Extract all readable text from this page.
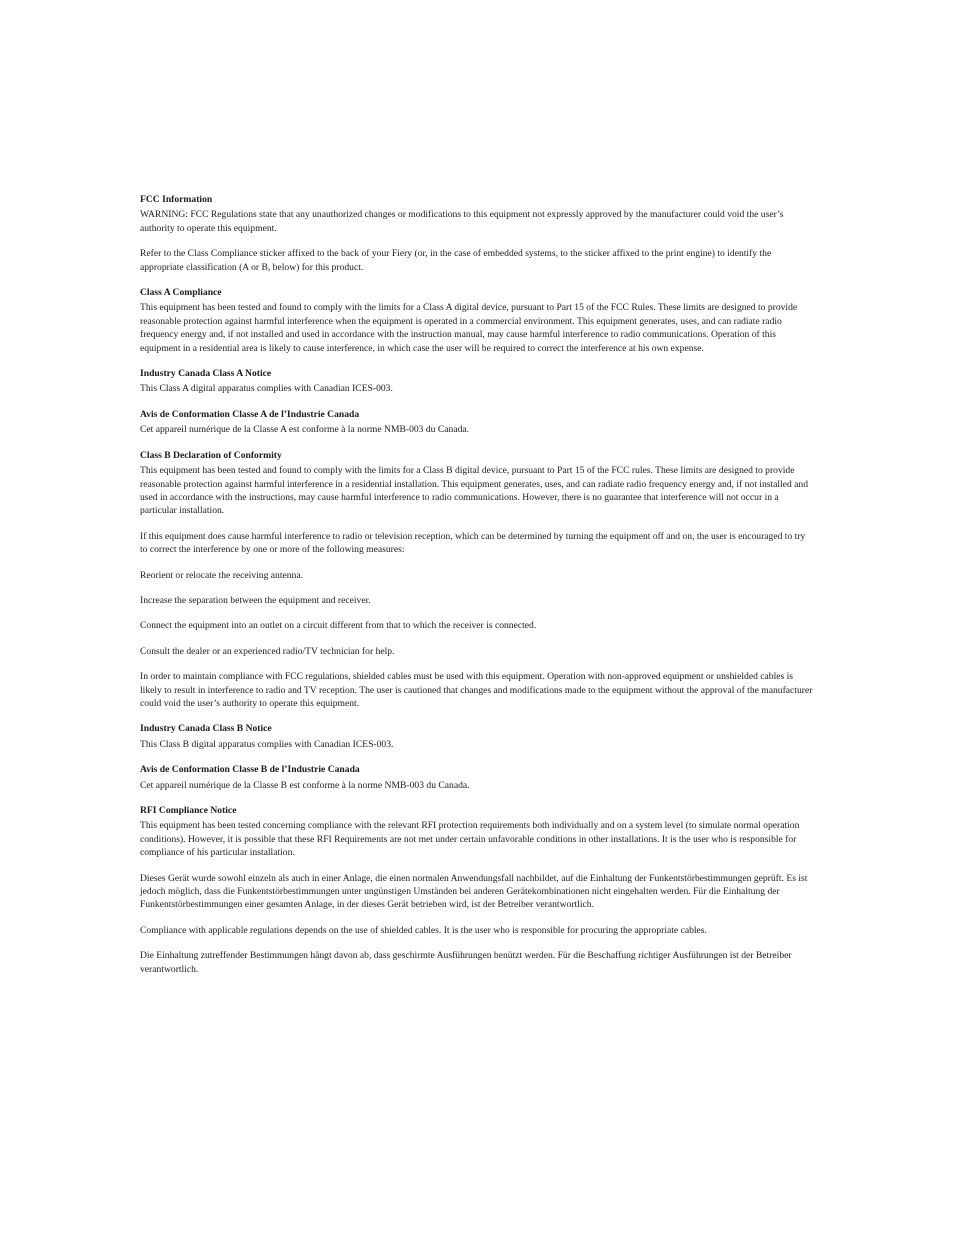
FCC Information

WARNING: FCC Regulations state that any unauthorized changes or modifications to this equipment not expressly approved by the manufacturer could void the user’s authority to operate this equipment.

Refer to the Class Compliance sticker affixed to the back of your Fiery (or, in the case of embedded systems, to the sticker affixed to the print engine) to identify the appropriate classification (A or B, below) for this product.

Class A Compliance

This equipment has been tested and found to comply with the limits for a Class A digital device, pursuant to Part 15 of the FCC Rules. These limits are designed to provide reasonable protection against harmful interference when the equipment is operated in a commercial environment. This equipment generates, uses, and can radiate radio frequency energy and, if not installed and used in accordance with the instruction manual, may cause harmful interference to radio communications. Operation of this equipment in a residential area is likely to cause interference, in which case the user will be required to correct the interference at his own expense.

Industry Canada Class A Notice

This Class A digital apparatus complies with Canadian ICES-003.

Avis de Conformation Classe A de l’Industrie Canada

Cet appareil numérique de la Classe A est conforme à la norme NMB-003 du Canada.

Class B Declaration of Conformity

This equipment has been tested and found to comply with the limits for a Class B digital device, pursuant to Part 15 of the FCC rules. These limits are designed to provide reasonable protection against harmful interference in a residential installation. This equipment generates, uses, and can radiate radio frequency energy and, if not installed and used in accordance with the instructions, may cause harmful interference to radio communications. However, there is no guarantee that interference will not occur in a particular installation.

If this equipment does cause harmful interference to radio or television reception, which can be determined by turning the equipment off and on, the user is encouraged to try to correct the interference by one or more of the following measures:

Reorient or relocate the receiving antenna.

Increase the separation between the equipment and receiver.

Connect the equipment into an outlet on a circuit different from that to which the receiver is connected.

Consult the dealer or an experienced radio/TV technician for help.

In order to maintain compliance with FCC regulations, shielded cables must be used with this equipment. Operation with non-approved equipment or unshielded cables is likely to result in interference to radio and TV reception. The user is cautioned that changes and modifications made to the equipment without the approval of the manufacturer could void the user’s authority to operate this equipment.

Industry Canada Class B Notice

This Class B digital apparatus complies with Canadian ICES-003.

Avis de Conformation Classe B de l’Industrie Canada

Cet appareil numérique de la Classe B est conforme à la norme NMB-003 du Canada.

RFI Compliance Notice

This equipment has been tested concerning compliance with the relevant RFI protection requirements both individually and on a system level (to simulate normal operation conditions). However, it is possible that these RFI Requirements are not met under certain unfavorable conditions in other installations. It is the user who is responsible for compliance of his particular installation.

Dieses Gerät wurde sowohl einzeln als auch in einer Anlage, die einen normalen Anwendungsfall nachbildet, auf die Einhaltung der Funkentstörbestimmungen geprüft. Es ist jedoch möglich, dass die Funkentstörbestimmungen unter ungünstigen Umständen bei anderen Gerätekombinationen nicht eingehalten werden. Für die Einhaltung der Funkentstörbestimmungen einer gesamten Anlage, in der dieses Gerät betrieben wird, ist der Betreiber verantwortlich.

Compliance with applicable regulations depends on the use of shielded cables. It is the user who is responsible for procuring the appropriate cables.

Die Einhaltung zutreffender Bestimmungen hängt davon ab, dass geschirmte Ausführungen benützt werden. Für die Beschaffung richtiger Ausführungen ist der Betreiber verantwortlich.
